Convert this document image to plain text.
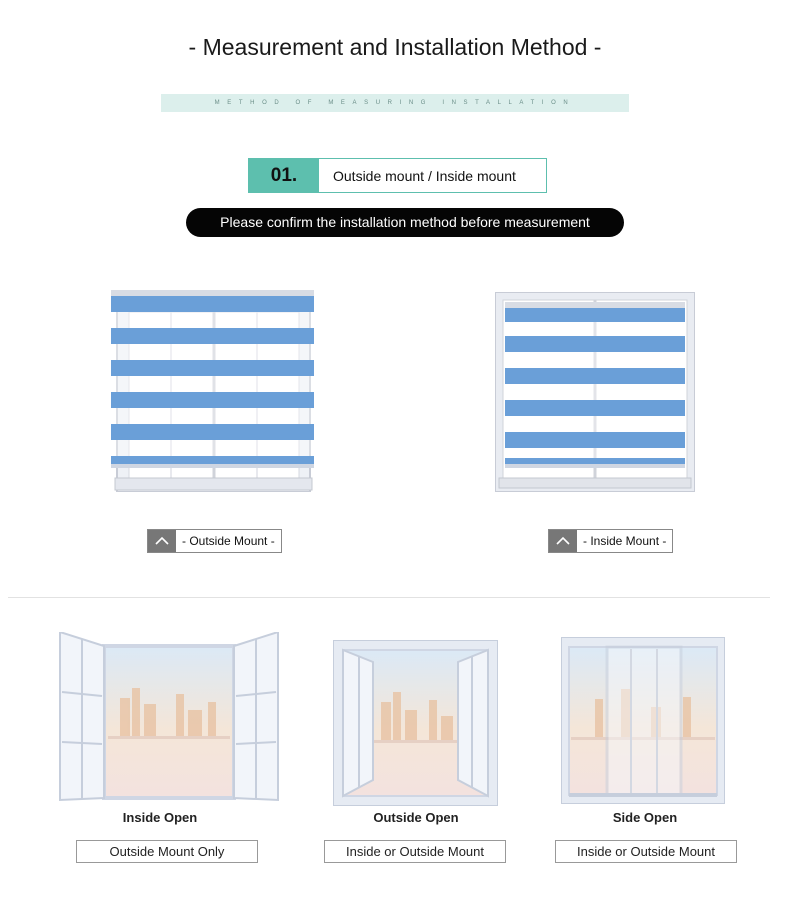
- Measurement and Installation Method -
METHOD OF MEASURING INSTALLATION
01.	Outside mount / Inside mount
Please confirm the installation method before measurement
- Outside Mount -	- Inside Mount -
Inside Open	Outside Open	Side Open
Outside Mount Only	Inside or Outside Mount	Inside or Outside Mount
